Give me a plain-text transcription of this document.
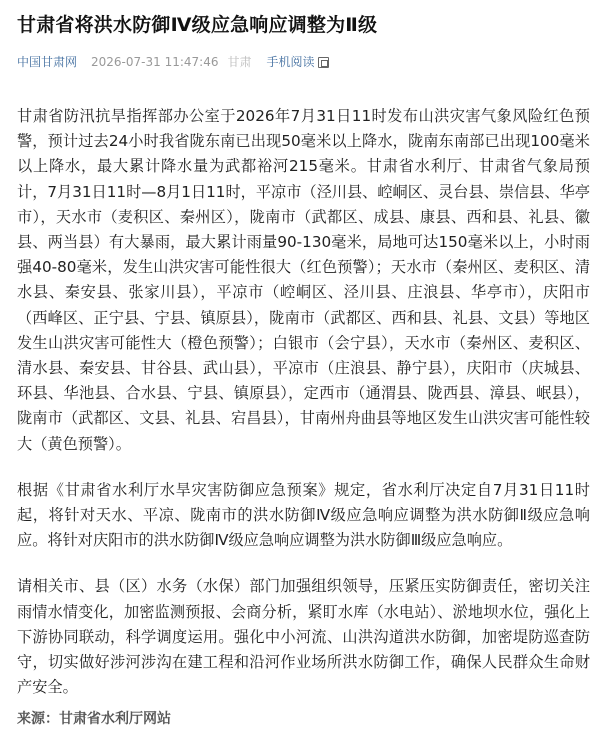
甘肃省将洪水防御Ⅳ级应急响应调整为Ⅱ级
中国甘肃网 2026-07-31 11:47:46 甘肃 手机阅读

甘肃省防汛抗旱指挥部办公室于2026年7月31日11时发布山洪灾害气象风险红色预警，预计过去24小时我省陇东南已出现50毫米以上降水，陇南东南部已出现100毫米以上降水，最大累计降水量为武都裕河215毫米。甘肃省水利厅、甘肃省气象局预计，7月31日11时—8月1日11时，平凉市（泾川县、崆峒区、灵台县、崇信县、华亭市），天水市（麦积区、秦州区），陇南市（武都区、成县、康县、西和县、礼县、徽县、两当县）有大暴雨，最大累计雨量90-130毫米，局地可达150毫米以上，小时雨强40-80毫米，发生山洪灾害可能性很大（红色预警）；天水市（秦州区、麦积区、清水县、秦安县、张家川县），平凉市（崆峒区、泾川县、庄浪县、华亭市），庆阳市（西峰区、正宁县、宁县、镇原县），陇南市（武都区、西和县、礼县、文县）等地区发生山洪灾害可能性大（橙色预警）；白银市（会宁县），天水市（秦州区、麦积区、清水县、秦安县、甘谷县、武山县），平凉市（庄浪县、静宁县），庆阳市（庆城县、环县、华池县、合水县、宁县、镇原县），定西市（通渭县、陇西县、漳县、岷县），陇南市（武都区、文县、礼县、宕昌县），甘南州舟曲县等地区发生山洪灾害可能性较大（黄色预警）。

根据《甘肃省水利厅水旱灾害防御应急预案》规定，省水利厅决定自7月31日11时起，将针对天水、平凉、陇南市的洪水防御Ⅳ级应急响应调整为洪水防御Ⅱ级应急响应。将针对庆阳市的洪水防御Ⅳ级应急响应调整为洪水防御Ⅲ级应急响应。

请相关市、县（区）水务（水保）部门加强组织领导，压紧压实防御责任，密切关注雨情水情变化，加密监测预报、会商分析，紧盯水库（水电站）、淤地坝水位，强化上下游协同联动，科学调度运用。强化中小河流、山洪沟道洪水防御，加密堤防巡查防守，切实做好涉河涉沟在建工程和沿河作业场所洪水防御工作，确保人民群众生命财产安全。

来源：甘肃省水利厅网站
